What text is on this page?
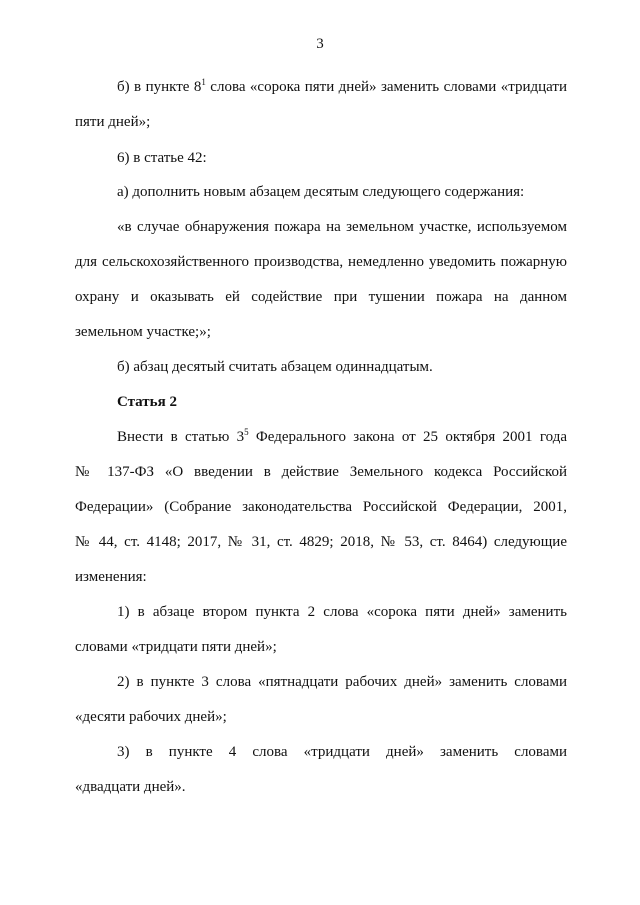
3
б) в пункте $8^1$ слова «сорока пяти дней» заменить словами «тридцати
пяти дней»;
6) в статье 42:
а) дополнить новым абзацем десятым следующего содержания:
«в случае обнаружения пожара на земельном участке, используемом
для сельскохозяйственного производства, немедленно уведомить пожарную
охрану и оказывать ей содействие при тушении пожара на данном
земельном участке;»;
б) абзац десятый считать абзацем одиннадцатым.
Статья 2
Внести в статью $3^5$ Федерального закона от 25 октября 2001 года
№ 137-ФЗ «О введении в действие Земельного кодекса Российской
Федерации» (Собрание законодательства Российской Федерации, 2001,
№ 44, ст. 4148; 2017, № 31, ст. 4829; 2018, № 53, ст. 8464) следующие
изменения:
1) в абзаце втором пункта 2 слова «сорока пяти дней» заменить
словами «тридцати пяти дней»;
2) в пункте 3 слова «пятнадцати рабочих дней» заменить словами
«десяти рабочих дней»;
3) в пункте 4 слова «тридцати дней» заменить словами
«двадцати дней».
